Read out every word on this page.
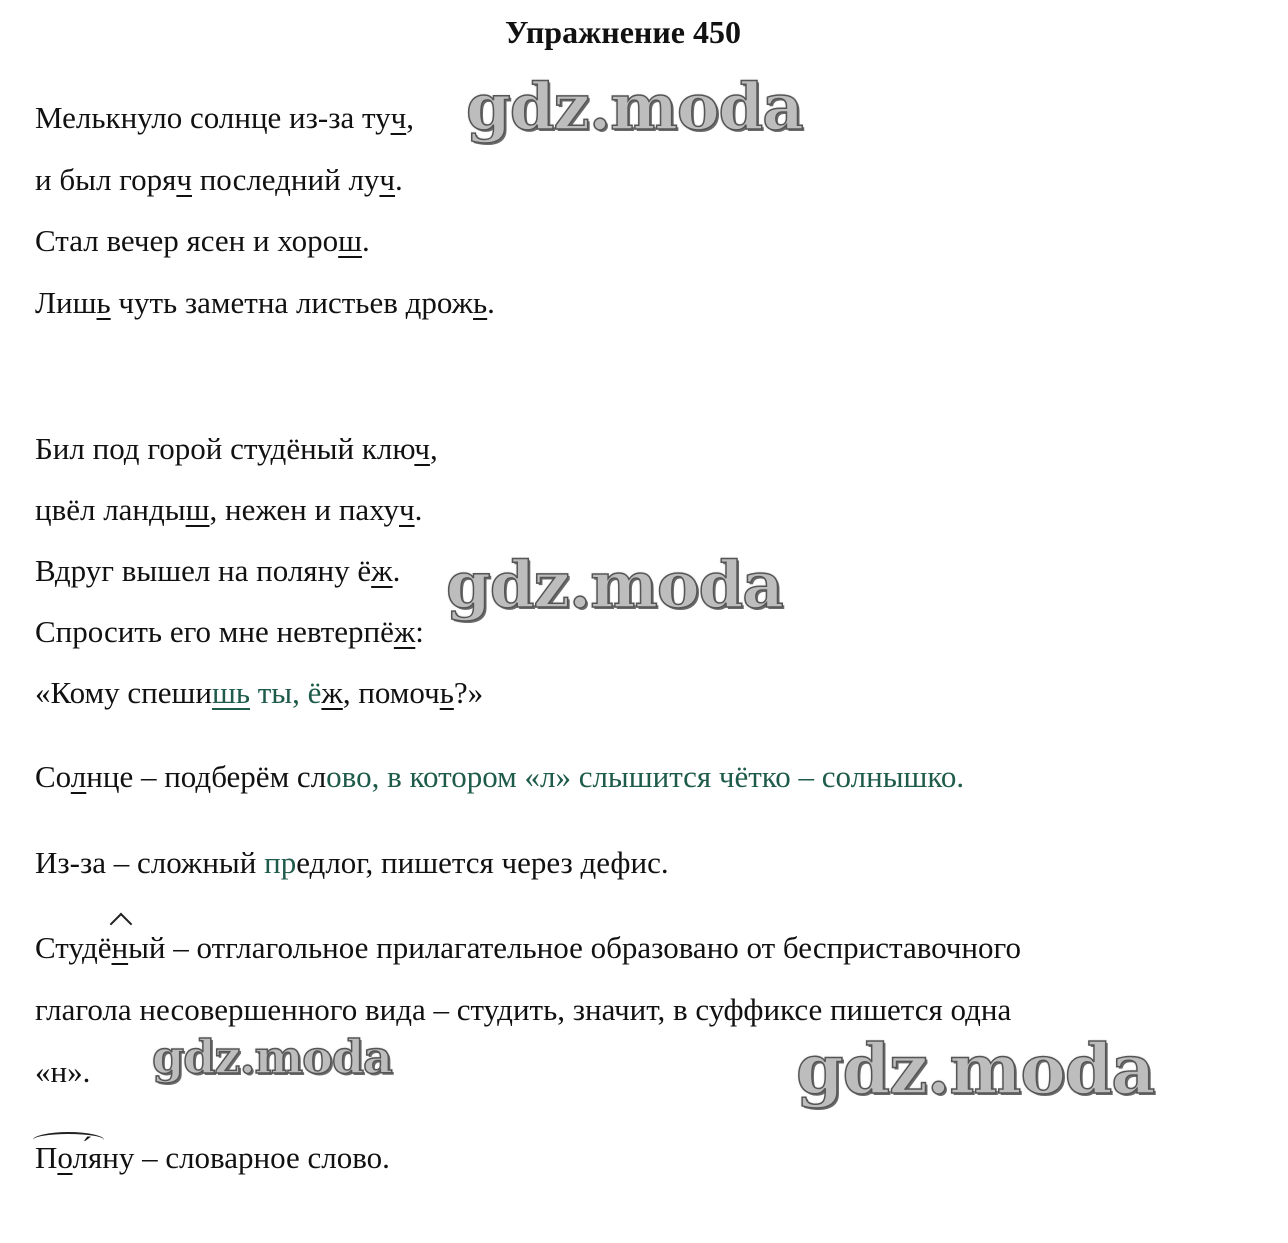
Упражнение 450
Мелькнуло солнце из-за туч,
и был горяч последний луч.
Стал вечер ясен и хорош.
Лишь чуть заметна листьев дрожь.
Бил под горой студёный ключ,
цвёл ландыш, нежен и пахуч.
Вдруг вышел на поляну ёж.
Спросить его мне невтерпёж:
«Кому спешишь ты, ёж, помочь?»
Солнце – подберём слово, в котором «л» слышится чётко – солнышко.
Из-за – сложный предлог, пишется через дефис.
Студёный – отглагольное прилагательное образовано от бесприставочного
глагола несовершенного вида – студить, значит, в суффиксе пишется одна
«н».
Поля ́ну – словарное слово.
gdz.moda
gdz.moda
gdz.moda	gdz.moda
